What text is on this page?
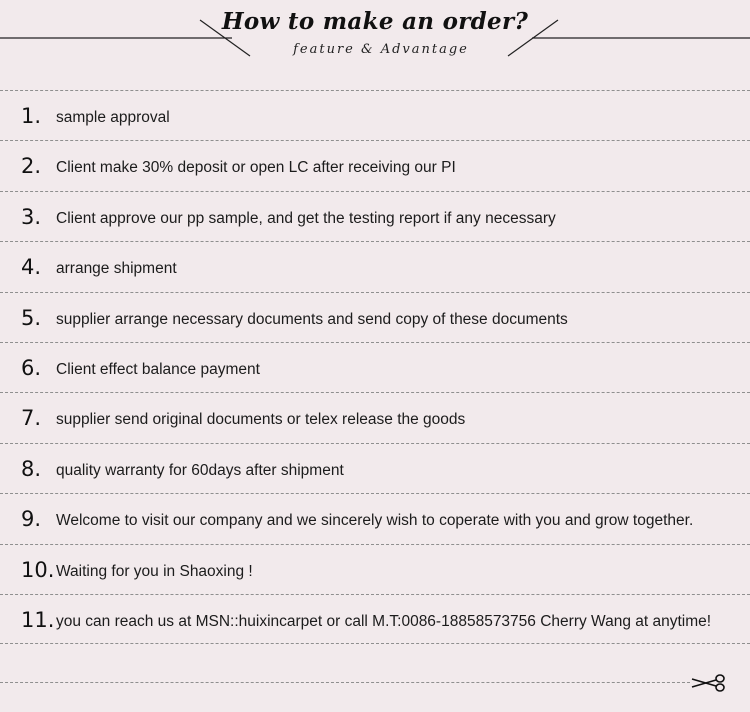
How to make an order?
feature & Advantage
1. sample approval
2. Client make 30% deposit or open LC after receiving our PI
3. Client approve our pp sample, and get the testing report if any necessary
4. arrange shipment
5. supplier arrange necessary documents and send copy of these documents
6. Client effect balance payment
7. supplier send original documents or telex release the goods
8. quality warranty for 60days after shipment
9. Welcome to visit our company and we sincerely wish to coperate with you and grow together.
10. Waiting for you in Shaoxing !
11. you can reach us at MSN::huixincarpet or call M.T:0086-18858573756 Cherry Wang at anytime!
